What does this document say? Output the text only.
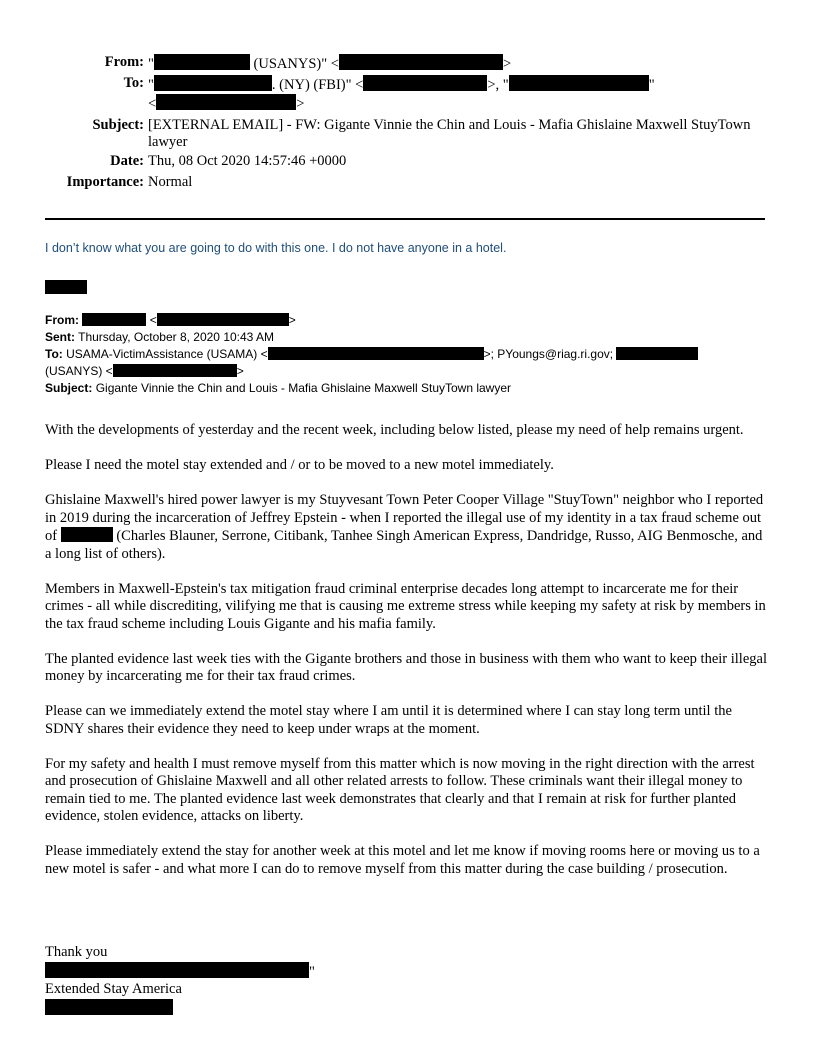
From: "	(USANYS)" <	>
To: "	. (NY) (FBI)" <	>, "	"
<	>
Subject: [EXTERNAL EMAIL] - FW: Gigante Vinnie the Chin and Louis - Mafia Ghislaine Maxwell StuyTown lawyer
Date: Thu, 08 Oct 2020 14:57:46 +0000
Importance: Normal
I don’t know what you are going to do with this one. I do not have anyone in a hotel.
From:	<	>
Sent: Thursday, October 8, 2020 10:43 AM
To: USAMA-VictimAssistance (USAMA) <	>; PYoungs@riag.ri.gov;
(USANYS) <	>
Subject: Gigante Vinnie the Chin and Louis - Mafia Ghislaine Maxwell StuyTown lawyer

With the developments of yesterday and the recent week, including below listed, please my need of help remains urgent.

Please I need the motel stay extended and / or to be moved to a new motel immediately.

Ghislaine Maxwell's hired power lawyer is my Stuyvesant Town Peter Cooper Village "StuyTown" neighbor who I reported in 2019 during the incarceration of Jeffrey Epstein - when I reported the illegal use of my identity in a tax fraud scheme out of	(Charles Blauner, Serrone, Citibank, Tanhee Singh American Express, Dandridge, Russo, AIG Benmosche, and a long list of others).

Members in Maxwell-Epstein's tax mitigation fraud criminal enterprise decades long attempt to incarcerate me for their crimes - all while discrediting, vilifying me that is causing me extreme stress while keeping my safety at risk by members in the tax fraud scheme including Louis Gigante and his mafia family.

The planted evidence last week ties with the Gigante brothers and those in business with them who want to keep their illegal money by incarcerating me for their tax fraud crimes.

Please can we immediately extend the motel stay where I am until it is determined where I can stay long term until the SDNY shares their evidence they need to keep under wraps at the moment.

For my safety and health I must remove myself from this matter which is now moving in the right direction with the arrest and prosecution of Ghislaine Maxwell and all other related arrests to follow. These criminals want their illegal money to remain tied to me. The planted evidence last week demonstrates that clearly and that I remain at risk for further planted evidence, stolen evidence, attacks on liberty.

Please immediately extend the stay for another week at this motel and let me know if moving rooms here or moving us to a new motel is safer - and what more I can do to remove myself from this matter during the case building / prosecution.

Thank you
"
Extended Stay America
